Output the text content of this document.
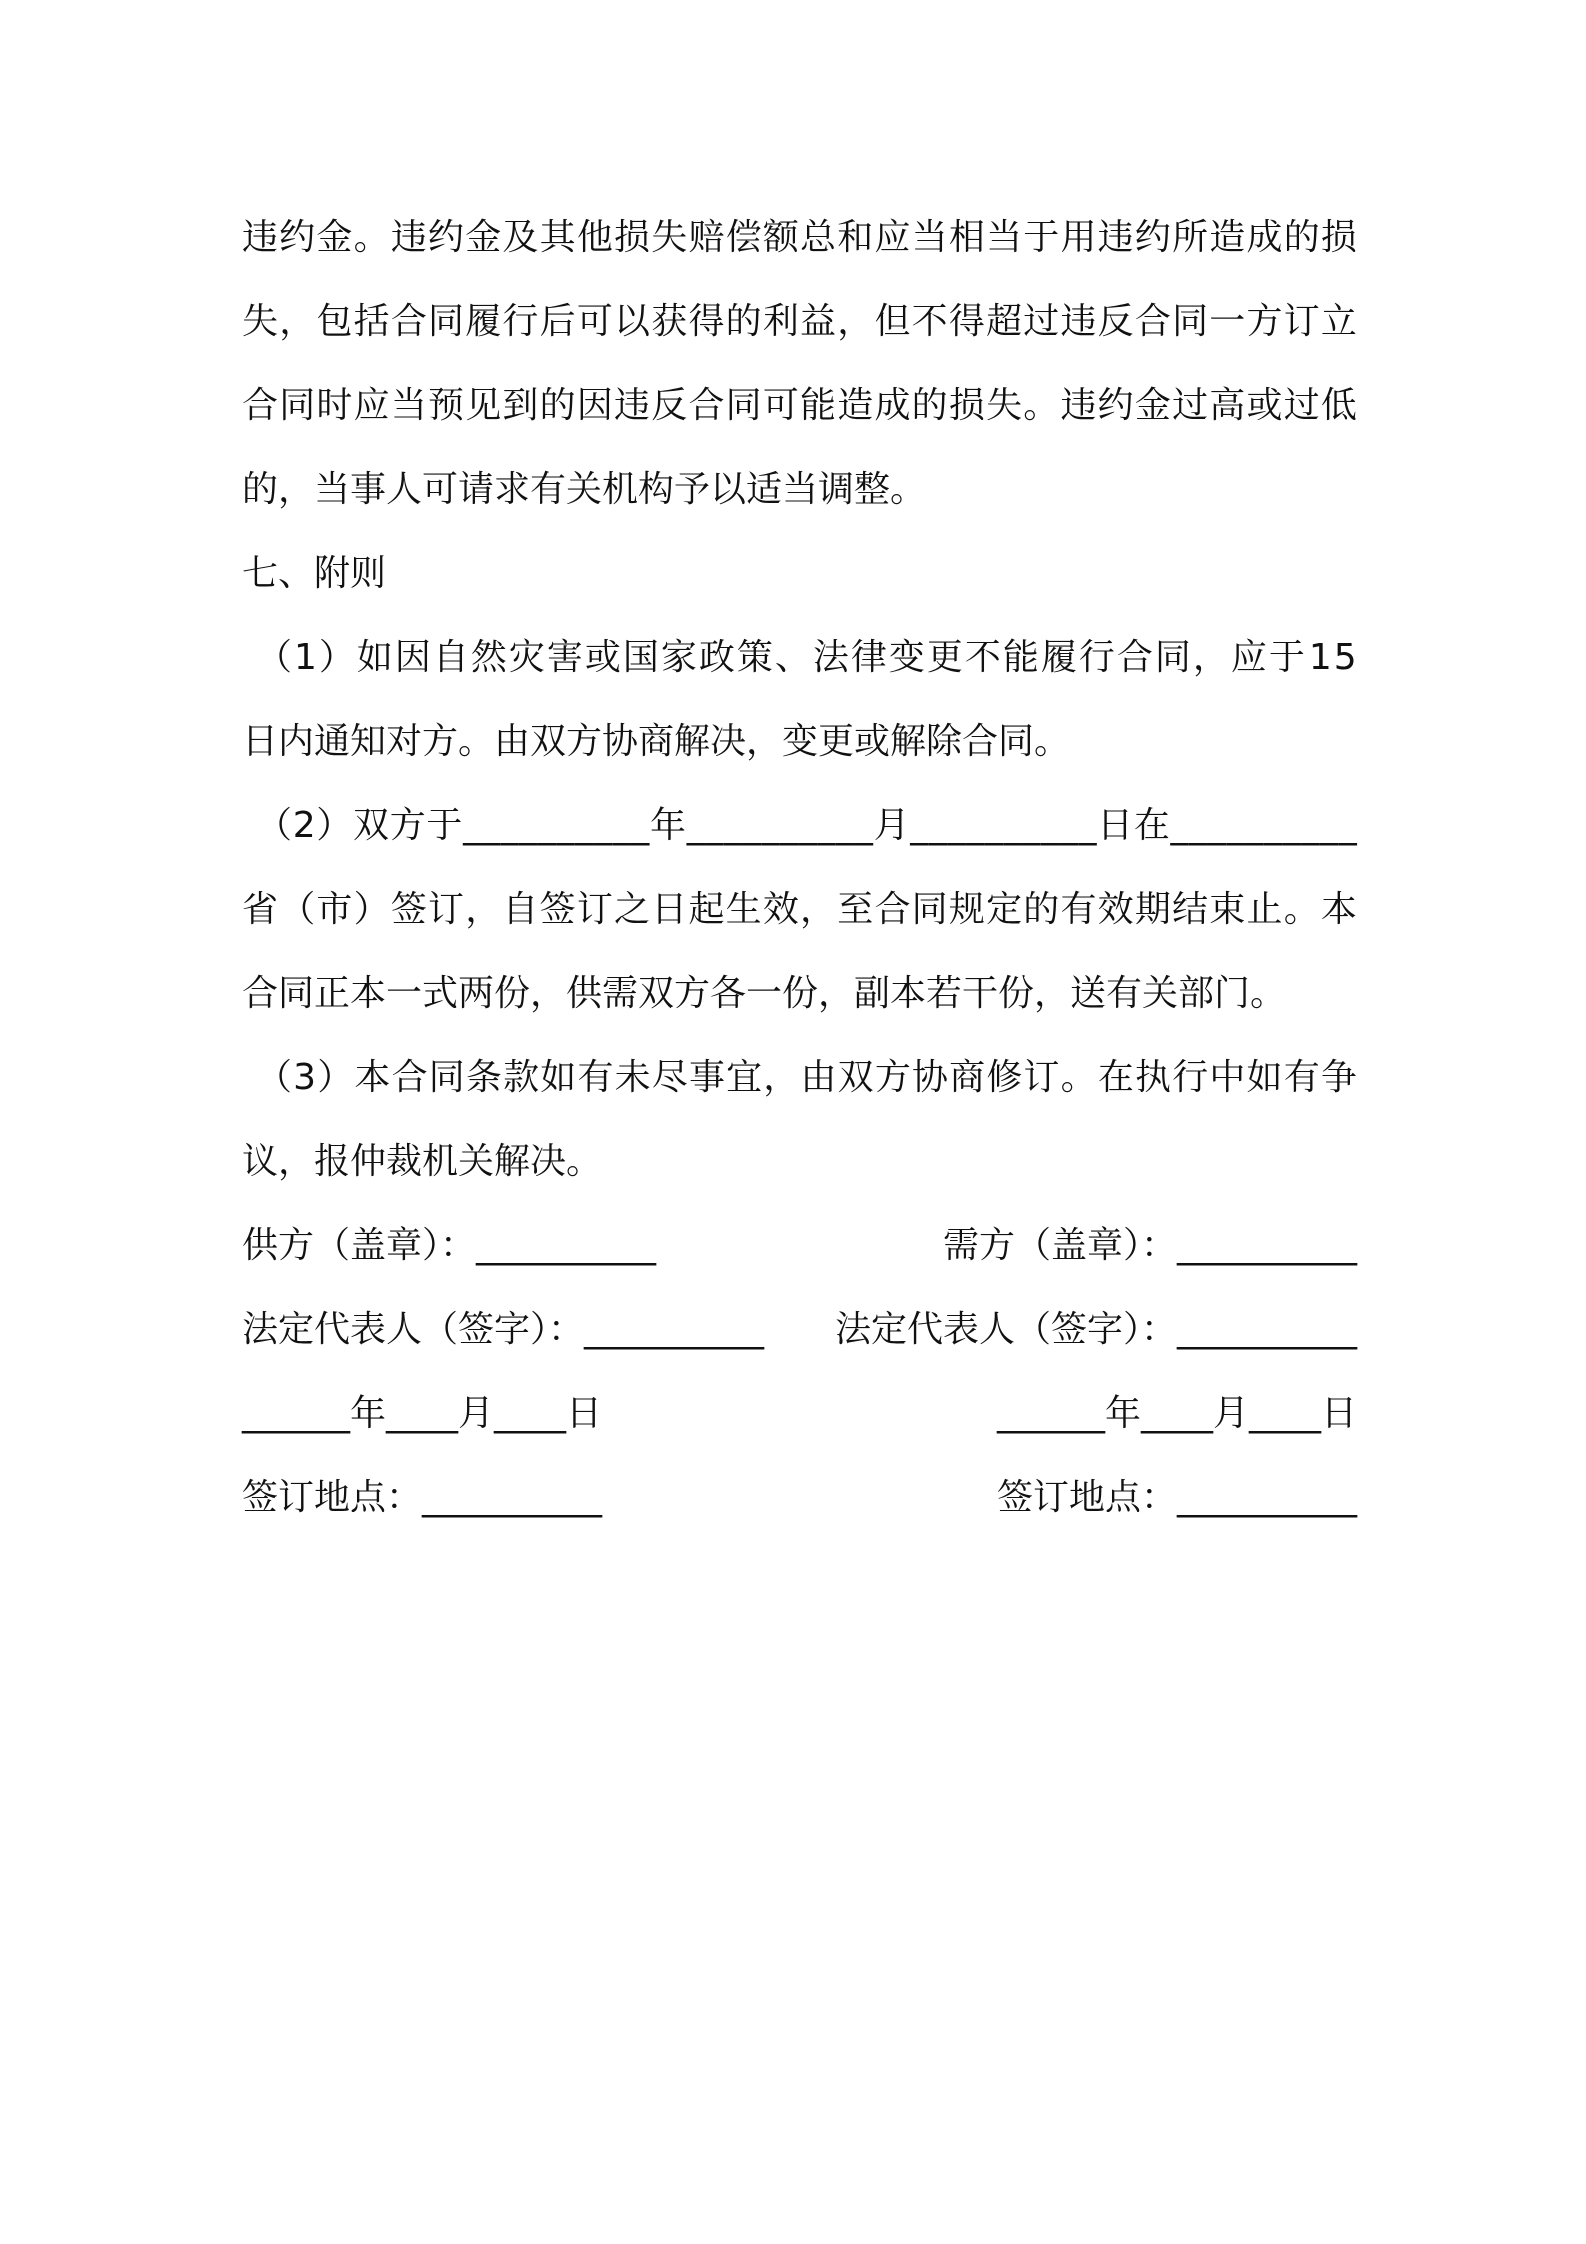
违 约 金 。 违 约 金 及 其 他 损 失 赔 偿 额 总 和 应 当 相 当 于 用 违 约 所 造 成 的 损
失 ， 包 括 合 同 履 行 后 可 以 获 得 的 利 益 ， 但 不 得 超 过 违 反 合 同 一 方 订 立
合 同 时 应 当 预 见 到 的 因 违 反 合 同 可 能 造 成 的 损 失 。 违 约 金 过 高 或 过 低
的，当事人可请求有关机构予以适当调整。
七、附则
（ 1 ） 如 因 自 然 灾 害 或 国 家 政 策 、 法 律 变 更 不 能 履 行 合 同 ， 应 于 1 5
日内通知对方。由双方协商解决，变更或解除合同。
（ 2 ） 双 方 于 _ _ _ _ _ _ _ _ _ _ 年 _ _ _ _ _ _ _ _ _ _ 月 _ _ _ _ _ _ _ _ _ _ 日 在 _ _ _ _ _ _ _ _ _ _
省 （ 市 ） 签 订 ， 自 签 订 之 日 起 生 效 ， 至 合 同 规 定 的 有 效 期 结 束 止 。 本
合同正本一式两份，供需双方各一份，副本若干份，送有关部门。
（ 3 ） 本 合 同 条 款 如 有 未 尽 事 宜 ， 由 双 方 协 商 修 订 。 在 执 行 中 如 有 争
议，报仲裁机关解决。
供方（盖章）：__________	需方（盖章）：__________
法定代表人（签字）：__________ 法定代表人（签字）：__________
______年____月____日	______年____月____日
签订地点：__________	签订地点：__________
